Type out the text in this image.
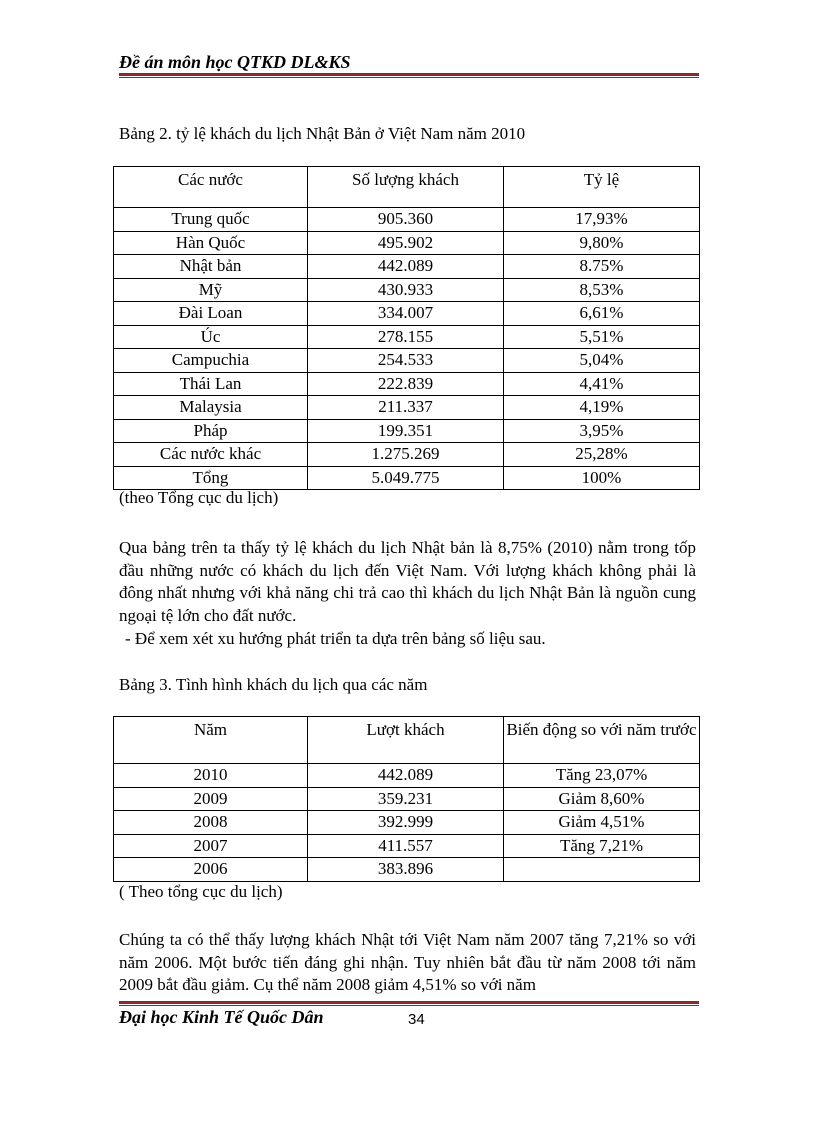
Đề án môn học QTKD DL&KS
Bảng 2. tỷ lệ khách du lịch Nhật Bản ở Việt Nam năm 2010
Các nước	Số lượng khách	Tỷ lệ
Trung quốc	905.360	17,93%
Hàn Quốc	495.902	9,80%
Nhật bản	442.089	8.75%
Mỹ	430.933	8,53%
Đài Loan	334.007	6,61%
Úc	278.155	5,51%
Campuchia	254.533	5,04%
Thái Lan	222.839	4,41%
Malaysia	211.337	4,19%
Pháp	199.351	3,95%
Các nước khác	1.275.269	25,28%
Tổng	5.049.775	100%
(theo Tổng cục du lịch)
Qua bảng trên ta thấy tỷ lệ khách du lịch Nhật bản là 8,75% (2010) nằm trong tốp đầu những nước có khách du lịch đến Việt Nam. Với lượng khách không phải là đông nhất nhưng với khả năng chi trả cao thì khách du lịch Nhật Bản là nguồn cung ngoại tệ lớn cho đất nước.
- Để xem xét xu hướng phát triển ta dựa trên bảng số liệu sau.
Bảng 3. Tình hình khách du lịch qua các năm
Năm	Lượt khách	Biến động so với năm trước
2010	442.089	Tăng 23,07%
2009	359.231	Giảm 8,60%
2008	392.999	Giảm 4,51%
2007	411.557	Tăng 7,21%
2006	383.896	
( Theo tổng cục du lịch)
Chúng ta có thể thấy lượng khách Nhật tới Việt Nam năm 2007 tăng 7,21% so với năm 2006. Một bước tiến đáng ghi nhận. Tuy nhiên bắt đầu từ năm 2008 tới năm 2009 bắt đầu giảm. Cụ thể năm 2008 giảm 4,51% so với năm
Đại học Kinh Tế Quốc Dân	34
